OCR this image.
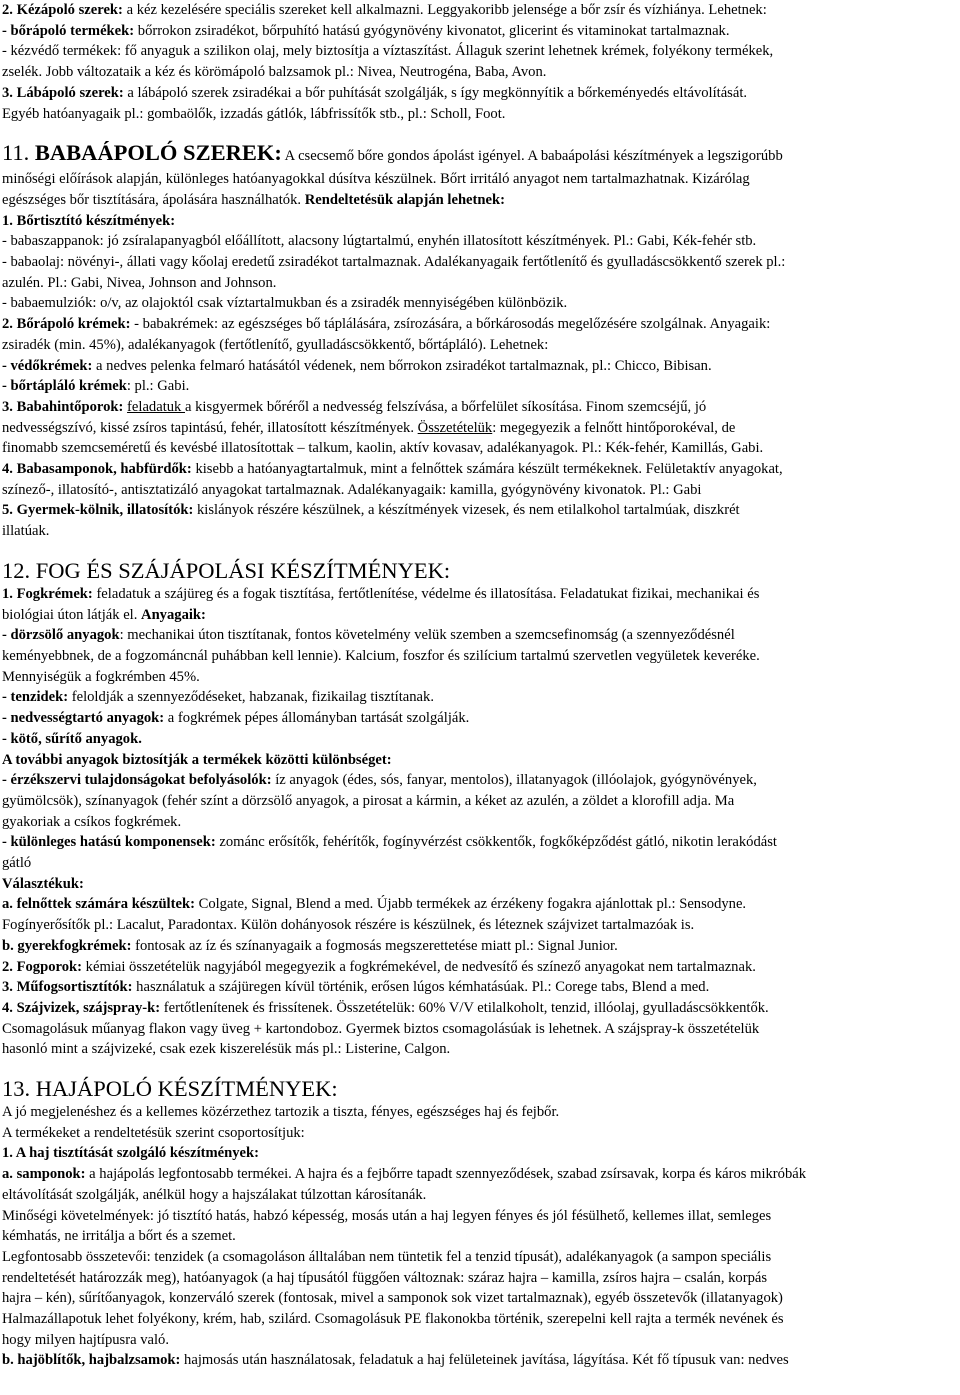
2. Kézápoló szerek: a kéz kezelésére speciális szereket kell alkalmazni. Leggyakoribb jelensége a bőr zsír és vízhiánya. Lehetnek:

- bőrápoló termékek: bőrrokon zsiradékot, bőrpuhító hatású gyógynövény kivonatot, glicerint és vitaminokat tartalmaznak.

- kézvédő termékek: fő anyaguk a szilikon olaj, mely biztosítja a víztaszítást. Állaguk szerint lehetnek krémek, folyékony termékek,

zselék. Jobb változataik a kéz és körömápoló balzsamok pl.: Nivea, Neutrogéna, Baba, Avon.

3. Lábápoló szerek: a lábápoló szerek zsiradékai a bőr puhítását szolgálják, s így megkönnyítik a bőrkeményedés eltávolítását.

Egyéb hatóanyagaik pl.: gombaölők, izzadás gátlók, lábfrissítők stb., pl.: Scholl, Foot.

11. BABAÁPOLÓ SZEREK: A csecsemő bőre gondos ápolást igényel. A babaápolási készítmények a legszigorúbb

minőségi előírások alapján, különleges hatóanyagokkal dúsítva készülnek. Bőrt irritáló anyagot nem tartalmazhatnak. Kizárólag

egészséges bőr tisztítására, ápolására használhatók. Rendeltetésük alapján lehetnek:

1. Bőrtisztító készítmények:

- babaszappanok: jó zsíralapanyagból előállított, alacsony lúgtartalmú, enyhén illatosított készítmények. Pl.: Gabi, Kék-fehér stb.

- babaolaj: növényi-, állati vagy kőolaj eredetű zsiradékot tartalmaznak. Adalékanyagaik fertőtlenítő és gyulladáscsökkentő szerek pl.:

azulén. Pl.: Gabi, Nivea, Johnson and Johnson.

- babaemulziók: o/v, az olajoktól csak víztartalmukban és a zsiradék mennyiségében különbözik.

2. Bőrápoló krémek: - babakrémek: az egészséges bő táplálására, zsírozására, a bőrkárosodás megelőzésére szolgálnak. Anyagaik:

zsiradék (min. 45%), adalékanyagok (fertőtlenítő, gyulladáscsökkentő, bőrtápláló). Lehetnek:

- védőkrémek: a nedves pelenka felmaró hatásától védenek, nem bőrrokon zsiradékot tartalmaznak, pl.: Chicco, Bibisan.

- bőrtápláló krémek: pl.: Gabi.

3. Babahintőporok: feladatuk a kisgyermek bőréről a nedvesség felszívása, a bőrfelület síkosítása. Finom szemcséjű, jó

nedvességszívó, kissé zsíros tapintású, fehér, illatosított készítmények. Összetételük: megegyezik a felnőtt hintőporokéval, de

finomabb szemcseméretű és kevésbé illatosítottak – talkum, kaolin, aktív kovasav, adalékanyagok. Pl.: Kék-fehér, Kamillás, Gabi.

4. Babasamponok, habfürdők: kisebb a hatóanyagtartalmuk, mint a felnőttek számára készült termékeknek. Felületaktív anyagokat,

színező-, illatosító-, antisztatizáló anyagokat tartalmaznak. Adalékanyagaik: kamilla, gyógynövény kivonatok. Pl.: Gabi

5. Gyermek-kölnik, illatosítók: kislányok részére készülnek, a készítmények vizesek, és nem etilalkohol tartalmúak, diszkrét

illatúak.

12. FOG ÉS SZÁJÁPOLÁSI KÉSZÍTMÉNYEK:

1. Fogkrémek: feladatuk a szájüreg és a fogak tisztítása, fertőtlenítése, védelme és illatosítása. Feladatukat fizikai, mechanikai és

biológiai úton látják el. Anyagaik:

- dörzsölő anyagok: mechanikai úton tisztítanak, fontos követelmény velük szemben a szemcsefinomság (a szennyeződésnél

keményebbnek, de a fogzománcnál puhábban kell lennie). Kalcium, foszfor és szilícium tartalmú szervetlen vegyületek keveréke.

Mennyiségük a fogkrémben 45%.

- tenzidek: feloldják a szennyeződéseket, habzanak, fizikailag tisztítanak.

- nedvességtartó anyagok: a fogkrémek pépes állományban tartását szolgálják.

- kötő, sűrítő anyagok.

A további anyagok biztosítják a termékek közötti különbséget:

- érzékszervi tulajdonságokat befolyásolók: íz anyagok (édes, sós, fanyar, mentolos), illatanyagok (illóolajok, gyógynövények,

gyümölcsök), színanyagok (fehér színt a dörzsölő anyagok, a pirosat a kármin, a kéket az azulén, a zöldet a klorofill adja. Ma

gyakoriak a csíkos fogkrémek.

- különleges hatású komponensek: zománc erősítők, fehérítők, fogínyvérzést csökkentők, fogkőképződést gátló, nikotin lerakódást

gátló

Választékuk:

a. felnőttek számára készültek: Colgate, Signal, Blend a med. Újabb termékek az érzékeny fogakra ajánlottak pl.: Sensodyne.

Fogínyerősítők pl.: Lacalut, Paradontax. Külön dohányosok részére is készülnek, és léteznek szájvizet tartalmazóak is.

b. gyerekfogkrémek: fontosak az íz és színanyagaik a fogmosás megszerettetése miatt pl.: Signal Junior.

2. Fogporok: kémiai összetételük nagyjából megegyezik a fogkrémekével, de nedvesítő és színező anyagokat nem tartalmaznak.

3. Műfogsortisztítók: használatuk a szájüregen kívül történik, erősen lúgos kémhatásúak. Pl.: Corege tabs, Blend a med.

4. Szájvizek, szájspray-k: fertőtlenítenek és frissítenek. Összetételük: 60% V/V etilalkoholt, tenzid, illóolaj, gyulladáscsökkentők.

Csomagolásuk műanyag flakon vagy üveg + kartondoboz. Gyermek biztos csomagolásúak is lehetnek. A szájspray-k összetételük

hasonló mint a szájvizeké, csak ezek kiszerelésük más pl.: Listerine, Calgon.

13. HAJÁPOLÓ KÉSZÍTMÉNYEK:

A jó megjelenéshez és a kellemes közérzethez tartozik a tiszta, fényes, egészséges haj és fejbőr.

A termékeket a rendeltetésük szerint csoportosítjuk:

1. A haj tisztítását szolgáló készítmények:

a. samponok: a hajápolás legfontosabb termékei. A hajra és a fejbőrre tapadt szennyeződések, szabad zsírsavak, korpa és káros mikróbák

eltávolítását szolgálják, anélkül hogy a hajszálakat túlzottan károsítanák.

Minőségi követelmények: jó tisztító hatás, habzó képesség, mosás után a haj legyen fényes és jól fésülhető, kellemes illat, semleges

kémhatás, ne irritálja a bőrt és a szemet.

Legfontosabb összetevői: tenzidek (a csomagoláson álltalában nem tüntetik fel a tenzid típusát), adalékanyagok (a sampon speciális

rendeltetését határozzák meg), hatóanyagok (a haj típusától függően változnak: száraz hajra – kamilla, zsíros hajra – csalán, korpás

hajra – kén), sűrítőanyagok, konzerváló szerek (fontosak, mivel a samponok sok vizet tartalmaznak), egyéb összetevők (illatanyagok)

Halmazállapotuk lehet folyékony, krém, hab, szilárd. Csomagolásuk PE flakonokba történik, szerepelni kell rajta a termék nevének és

hogy milyen hajtípusra való.

b. hajöblítők, hajbalzsamok: hajmosás után használatosak, feladatuk a haj felületeinek javítása, lágyítása. Két fő típusuk van: nedves
